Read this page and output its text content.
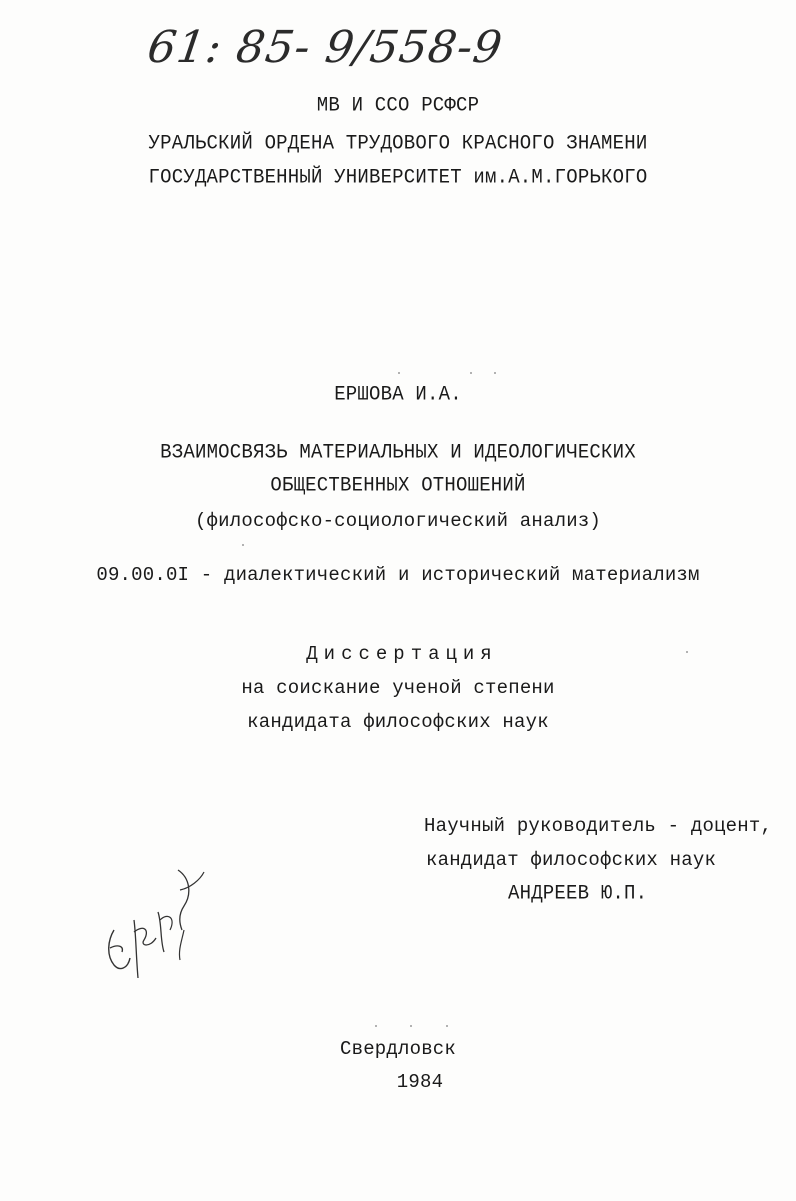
61: 85- 9/558-9
МВ И ССО РСФСР
УРАЛЬСКИЙ ОРДЕНА ТРУДОВОГО КРАСНОГО ЗНАМЕНИ
ГОСУДАРСТВЕННЫЙ УНИВЕРСИТЕТ им.А.М.ГОРЬКОГО
ЕРШОВА И.А.
ВЗАИМОСВЯЗЬ МАТЕРИАЛЬНЫХ И ИДЕОЛОГИЧЕСКИХ
ОБЩЕСТВЕННЫХ ОТНОШЕНИЙ
(философско-социологический анализ)
09.00.0I - диалектический и исторический материализм
Диссертация
на соискание ученой степени
кандидата философских наук
Научный руководитель - доцент,
кандидат философских наук
АНДРЕЕВ Ю.П.
Свердловск
1984
